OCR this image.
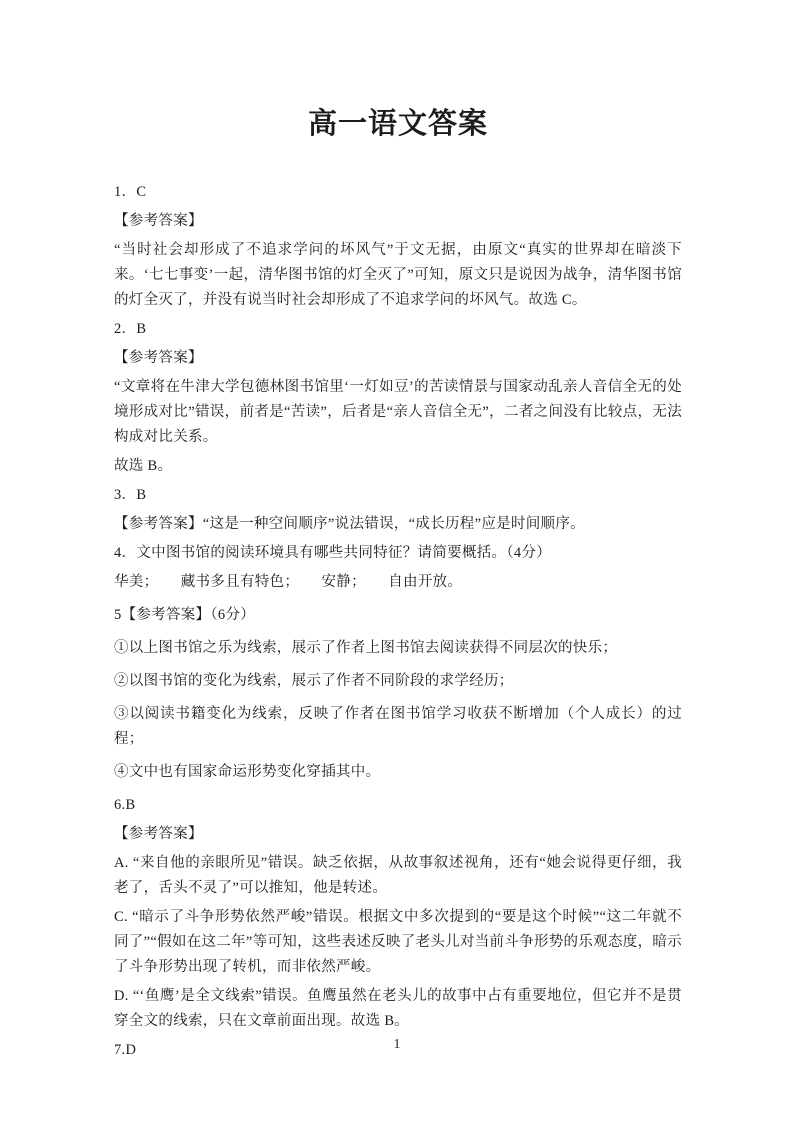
高一语文答案

1．C

【参考答案】

“当时社会却形成了不追求学问的坏风气”于文无据，由原文“真实的世界却在暗淡下来。‘七七事变’一起，清华图书馆的灯全灭了”可知，原文只是说因为战争，清华图书馆的灯全灭了，并没有说当时社会却形成了不追求学问的坏风气。故选 C。

2．B

【参考答案】

“文章将在牛津大学包德林图书馆里‘一灯如豆’的苦读情景与国家动乱亲人音信全无的处境形成对比”错误，前者是“苦读”，后者是“亲人音信全无”，二者之间没有比较点，无法构成对比关系。

故选 B。

3．B

【参考答案】“这是一种空间顺序”说法错误，“成长历程”应是时间顺序。

4．文中图书馆的阅读环境具有哪些共同特征？请简要概括。（4分）

华美；　　藏书多且有特色；　　安静；　　自由开放。

5【参考答案】（6分）

①以上图书馆之乐为线索，展示了作者上图书馆去阅读获得不同层次的快乐；

②以图书馆的变化为线索，展示了作者不同阶段的求学经历；

③以阅读书籍变化为线索，反映了作者在图书馆学习收获不断增加（个人成长）的过程；

④文中也有国家命运形势变化穿插其中。

6.B

【参考答案】

A. “来自他的亲眼所见”错误。缺乏依据，从故事叙述视角，还有“她会说得更仔细，我老了，舌头不灵了”可以推知，他是转述。

C. “暗示了斗争形势依然严峻”错误。根据文中多次提到的“要是这个时候”“这二年就不同了”“假如在这二年”等可知，这些表述反映了老头儿对当前斗争形势的乐观态度，暗示了斗争形势出现了转机，而非依然严峻。

D. “‘鱼鹰’是全文线索”错误。鱼鹰虽然在老头儿的故事中占有重要地位，但它并不是贯穿全文的线索，只在文章前面出现。故选 B。

7.D	1
